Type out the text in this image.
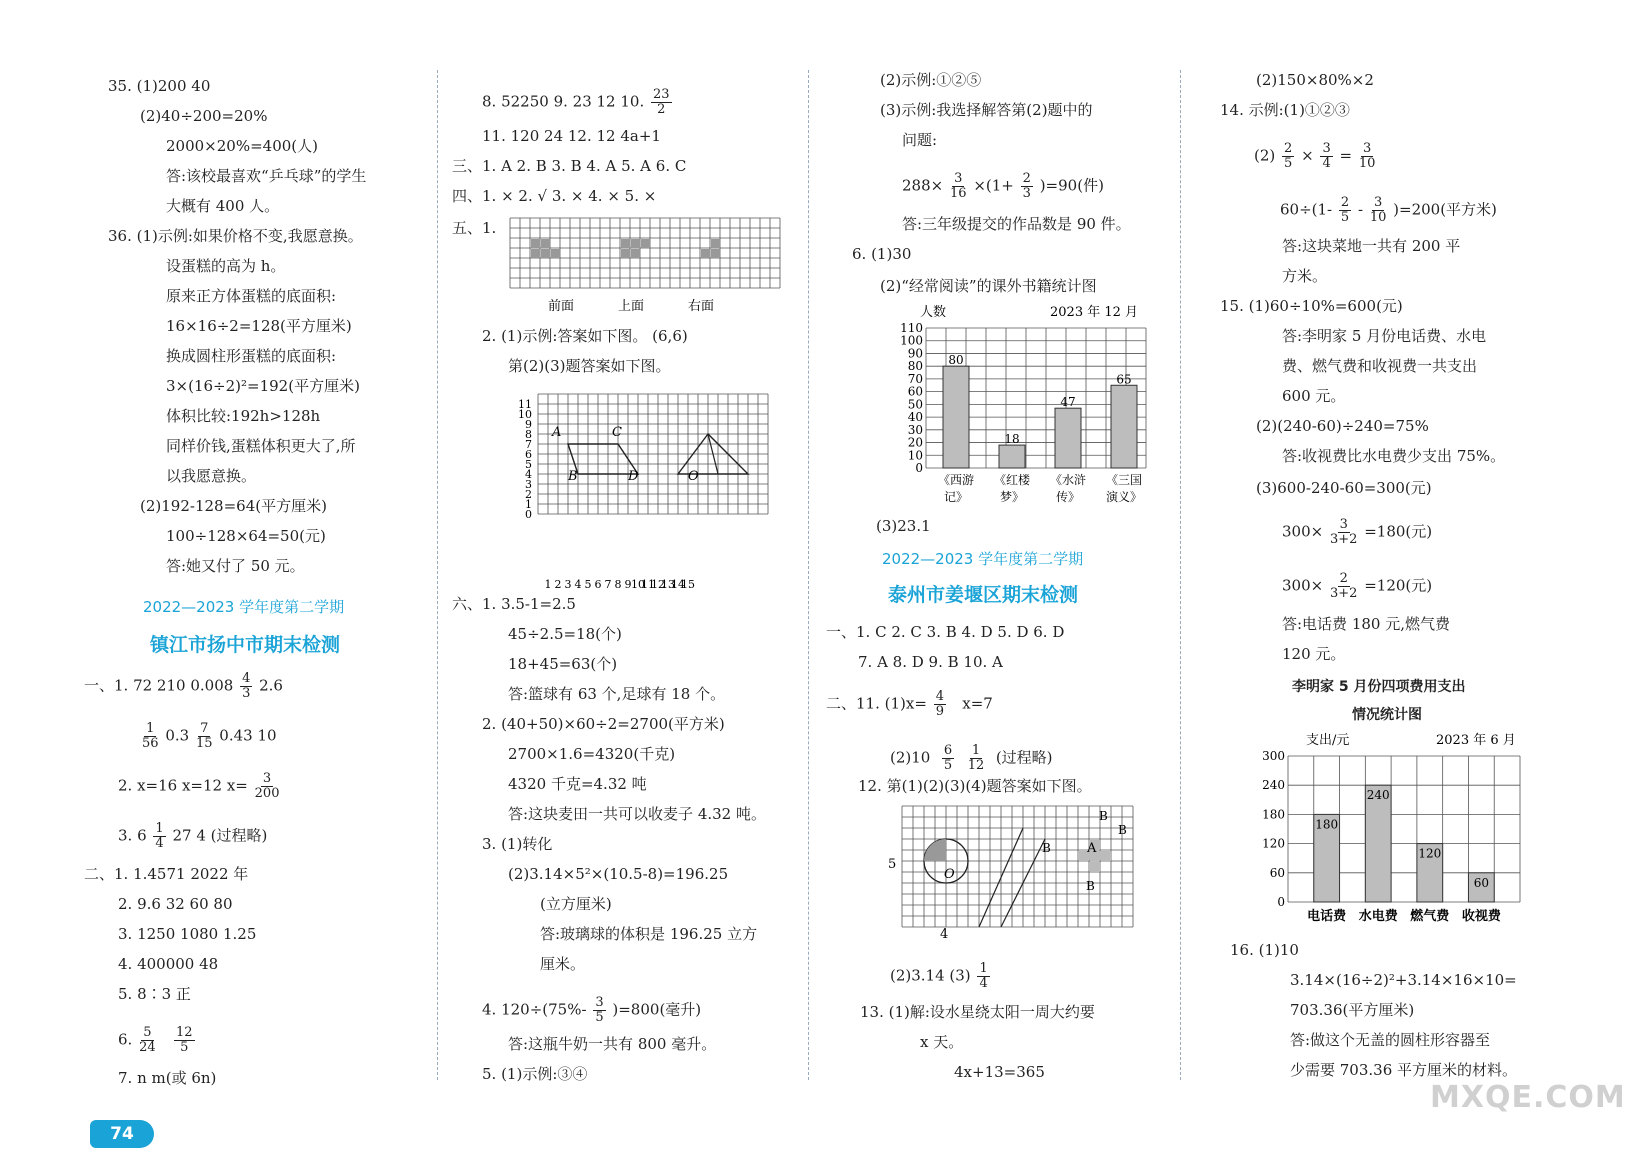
35. (1)200 40
(2)40÷200=20%
2000×20%=400(人)
答:该校最喜欢“乒乓球”的学生
大概有 400 人。
36. (1)示例:如果价格不变,我愿意换。
设蛋糕的高为 h。
原来正方体蛋糕的底面积:
16×16÷2=128(平方厘米)
换成圆柱形蛋糕的底面积:
3×(16÷2)²=192(平方厘米)
体积比较:192h>128h
同样价钱,蛋糕体积更大了,所
以我愿意换。
(2)192-128=64(平方厘米)
100÷128×64=50(元)
答:她又付了 50 元。
2022—2023 学年度第二学期
镇江市扬中市期末检测
一、1. 72 210 $0.008 \frac{4}{3} 2.6$
$\frac{1}{56} 0.3 \frac{7}{15} 0.43$ 10
2. x=16 x=12 $x= \frac{3}{200}$
3. $6 \frac{1}{4} 27$ 4 (过程略)
二、1. 1.4571 2022 年
2. 9.6 32 60 80
3. 1250 1080 1.25
4. 400000 48
5. 8∶3 正
6. $\frac{5}{24}$
$\frac{12}{5}$
7. n m(或 6n)
8. 52250 9. 23 12 10. $\frac{23}{2}$
11. 120 24 12. 12 4a+1
三、1. A 2. B 3. B 4. A 5. A 6. C
四、1. × 2. √ 3. × 4. × 5. ×
五、1.
前面	上面	右面
2. (1)示例:答案如下图。 (6,6)
第(2)(3)题答案如下图。
0
1
2
3
4
5
6
7
8
9
10
11
1 2 3 4 5 6 7 8 9 10
11
12
13
14
15
A	C
B	D	O
六、1. 3.5-1=2.5
45÷2.5=18(个)
18+45=63(个)
答:篮球有 63 个,足球有 18 个。
2. (40+50)×60÷2=2700(平方米)
2700×1.6=4320(千克)
4320 千克=4.32 吨
答:这块麦田一共可以收麦子 4.32 吨。
3. (1)转化
(2)3.14×5²×(10.5-8)=196.25
(立方厘米)
答:玻璃球的体积是 196.25 立方
厘米。
4. $120\div(75\%- \frac{3}{5} )=800$(毫升)
答:这瓶牛奶一共有 800 毫升。
5. (1)示例:③④
(2)示例:①②⑤
(3)示例:我选择解答第(2)题中的
问题:
$288\times \frac{3}{16} \times(1+ \frac{2}{3} )=90$(件)
答:三年级提交的作品数是 90 件。
6. (1)30
(2)“经常阅读”的课外书籍统计图
人数	2023 年 12 月
0
10
20
30
40
50
60
70
80
90
100
110
80
《西游
记》
18
《红楼
梦》
47
《水浒
传》
65
《三国
演义》
(3)23.1
2022—2023 学年度第二学期
泰州市姜堰区期末检测
一、1. C 2. C 3. B 4. D 5. D 6. D
7. A 8. D 9. B 10. A
二、11. $(1)x= \frac{4}{9} x=7$
$(2)10 \frac{6}{5}$
$\frac{1}{12}$ (过程略)
12. 第(1)(2)(3)(4)题答案如下图。
5
4
O
A
B
B
B
B
(2)3.14 $(3) \frac{1}{4}$
13. (1)解:设水星绕太阳一周大约要
x 天。
4x+13=365
(2)150×80%×2
14. 示例:(1)①②③
$(2) \frac{2}{5} \times \frac{3}{4} = \frac{3}{10}$
$60\div(1- \frac{2}{5} - \frac{3}{10} )=200$(平方米)
答:这块菜地一共有 200 平
方米。
15. (1)60÷10%=600(元)
答:李明家 5 月份电话费、水电
费、燃气费和收视费一共支出
600 元。
(2)(240-60)÷240=75%
答:收视费比水电费少支出 75%。
(3)600-240-60=300(元)
$300\times \frac{3}{3+2} =180$(元)
$300\times \frac{2}{3+2} =120$(元)
答:电话费 180 元,燃气费
120 元。
李明家 5 月份四项费用支出
情况统计图
支出/元	2023 年 6 月
0
60
120
180
240
300
180
电话费
240
水电费
120
燃气费
60
收视费
16. (1)10
3.14×(16÷2)²+3.14×16×10=
703.36(平方厘米)
答:做这个无盖的圆柱形容器至
少需要 703.36 平方厘米的材料。
74
MXQE.COM
